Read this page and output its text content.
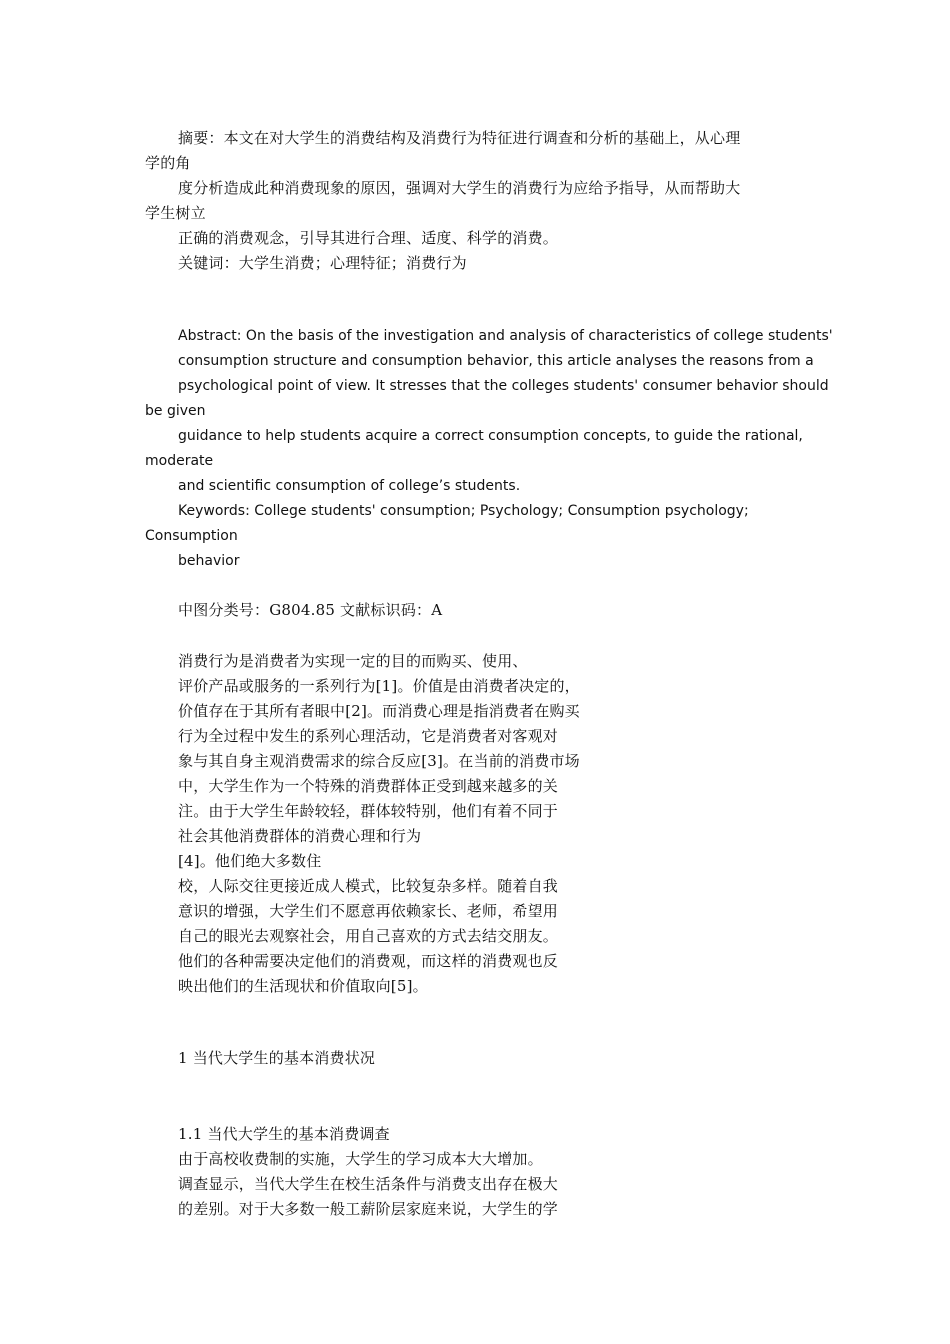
摘要：本文在对大学生的消费结构及消费行为特征进行调查和分析的基础上，从心理
学的角
度分析造成此种消费现象的原因，强调对大学生的消费行为应给予指导，从而帮助大
学生树立
正确的消费观念，引导其进行合理、适度、科学的消费。
关键词：大学生消费；心理特征；消费行为
Abstract: On the basis of the investigation and analysis of characteristics of college students'
consumption structure and consumption behavior, this article analyses the reasons from a
psychological point of view. It stresses that the colleges students' consumer behavior should
be given
guidance to help students acquire a correct consumption concepts, to guide the rational,
moderate
and scientific consumption of college’s students.
Keywords: College students' consumption; Psychology; Consumption psychology;
Consumption
behavior
中图分类号：G804.85 文献标识码：A
消费行为是消费者为实现一定的目的而购买、使用、
评价产品或服务的一系列行为[1]。价值是由消费者决定的，
价值存在于其所有者眼中[2]。而消费心理是指消费者在购买
行为全过程中发生的系列心理活动，它是消费者对客观对
象与其自身主观消费需求的综合反应[3]。在当前的消费市场
中，大学生作为一个特殊的消费群体正受到越来越多的关
注。由于大学生年龄较轻，群体较特别，他们有着不同于
社会其他消费群体的消费心理和行为
[4]。他们绝大多数住
校，人际交往更接近成人模式，比较复杂多样。随着自我
意识的增强，大学生们不愿意再依赖家长、老师，希望用
自己的眼光去观察社会，用自己喜欢的方式去结交朋友。
他们的各种需要决定他们的消费观，而这样的消费观也反
映出他们的生活现状和价值取向[5]。
1 当代大学生的基本消费状况
1.1 当代大学生的基本消费调查
由于高校收费制的实施，大学生的学习成本大大增加。
调查显示，当代大学生在校生活条件与消费支出存在极大
的差别。对于大多数一般工薪阶层家庭来说，大学生的学
